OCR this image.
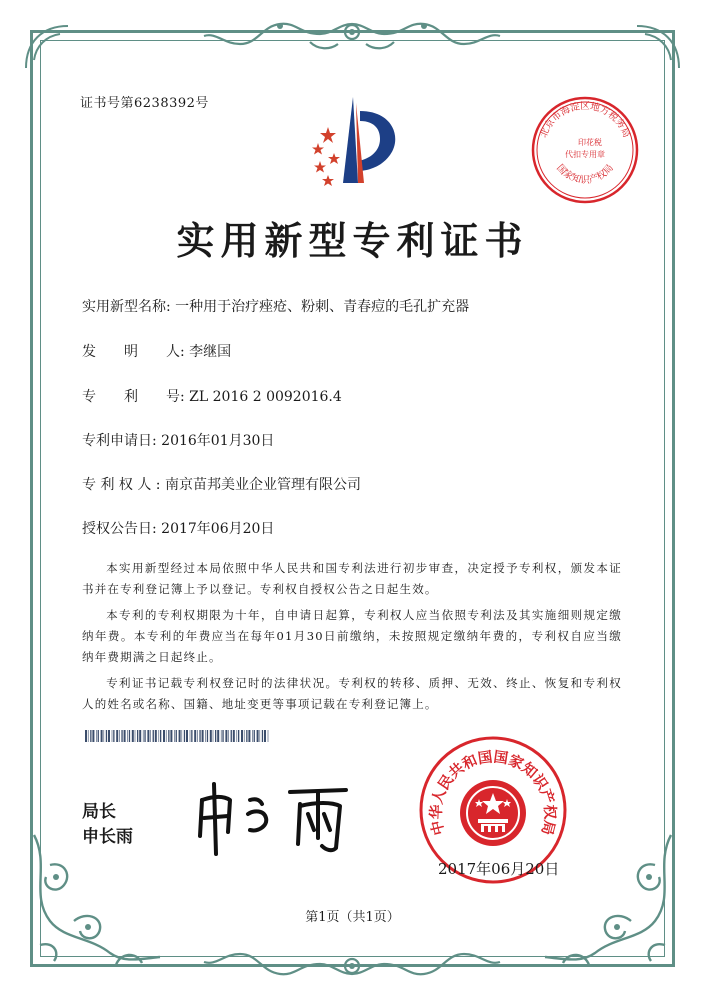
证书号第6238392号
北京市海淀区地方税务局
国家知识产权局
印花税
代扣专用章
实用新型专利证书
实用新型名称: 一种用于治疗痤疮、粉刺、青春痘的毛孔扩充器
发　　明　　人: 李继国
专　　利　　号: ZL 2016 2 0092016.4
专利申请日: 2016年01月30日
专 利 权 人 : 南京苗邦美业企业管理有限公司
授权公告日: 2017年06月20日

本实用新型经过本局依照中华人民共和国专利法进行初步审查，决定授予专利权，颁发本证书并在专利登记簿上予以登记。专利权自授权公告之日起生效。

本专利的专利权期限为十年，自申请日起算，专利权人应当依照专利法及其实施细则规定缴纳年费。本专利的年费应当在每年01月30日前缴纳，未按照规定缴纳年费的，专利权自应当缴纳年费期满之日起终止。

专利证书记载专利权登记时的法律状况。专利权的转移、质押、无效、终止、恢复和专利权人的姓名或名称、国籍、地址变更等事项记载在专利登记簿上。

局长
申长雨	中华人民共和国国家知识产权局
2017年06月20日
第1页（共1页）
